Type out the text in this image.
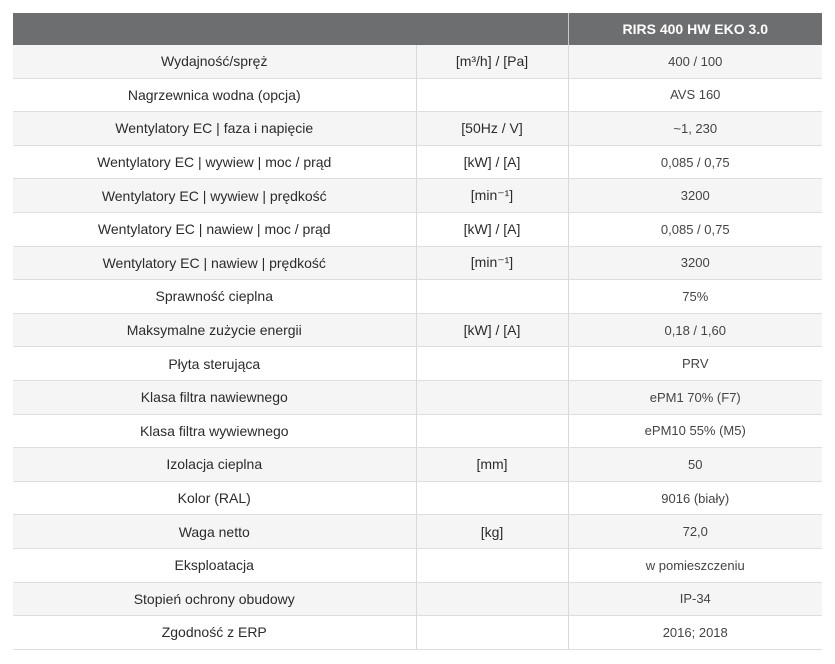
		RIRS 400 HW EKO 3.0
Wydajność/spręż	[m³/h] / [Pa]	400 / 100
Nagrzewnica wodna (opcja)		AVS 160
Wentylatory EC | faza i napięcie	[50Hz / V]	~1, 230
Wentylatory EC | wywiew | moc / prąd	[kW] / [A]	0,085 / 0,75
Wentylatory EC | wywiew | prędkość	[min⁻¹]	3200
Wentylatory EC | nawiew | moc / prąd	[kW] / [A]	0,085 / 0,75
Wentylatory EC | nawiew | prędkość	[min⁻¹]	3200
Sprawność cieplna		75%
Maksymalne zużycie energii	[kW] / [A]	0,18 / 1,60
Płyta sterująca		PRV
Klasa filtra nawiewnego		ePM1 70% (F7)
Klasa filtra wywiewnego		ePM10 55% (M5)
Izolacja cieplna	[mm]	50
Kolor (RAL)		9016 (biały)
Waga netto	[kg]	72,0
Eksploatacja		w pomieszczeniu
Stopień ochrony obudowy		IP-34
Zgodność z ERP		2016; 2018
